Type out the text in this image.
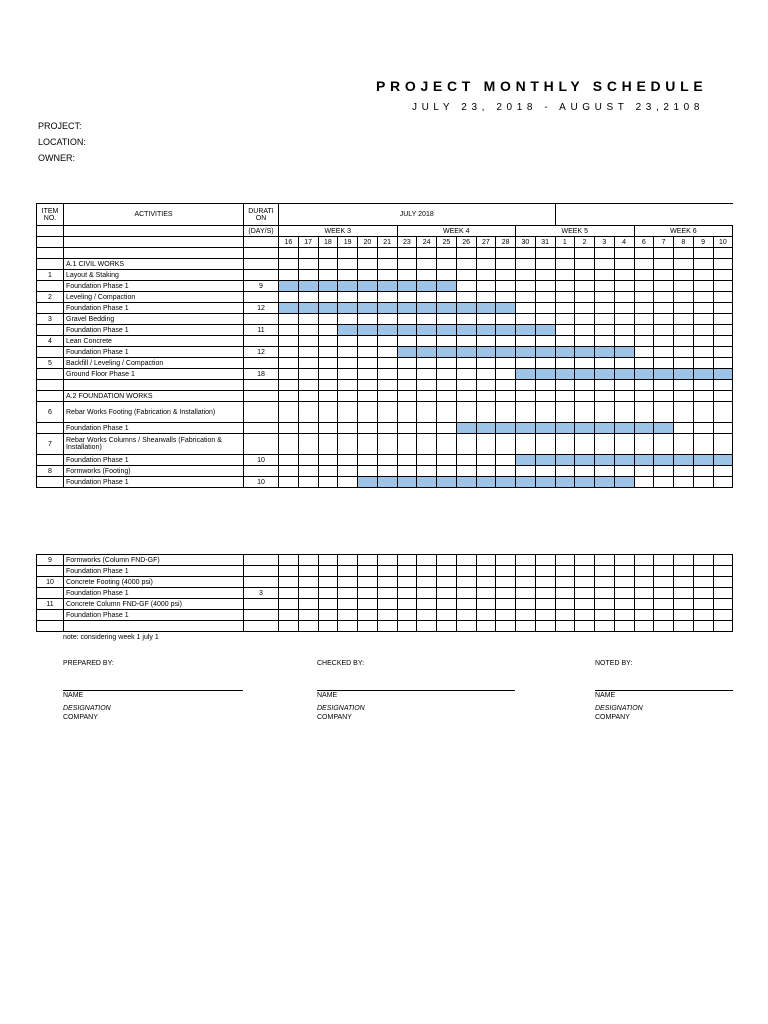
PROJECT MONTHLY SCHEDULE
JULY 23, 2018 - AUGUST 23,2108
PROJECT:
LOCATION:
OWNER:
ITEM NO.	ACTIVITIES	DURATI ON	JULY 2018																						
		(DAY/S)	WEEK 3						WEEK 4						WEEK 5						WEEK 6				
			16	17	18	19	20	21	23	24	25	26	27	28	30	31	1	2	3	4	6	7	8	9	10

	A.1 CIVIL WORKS																								
1	Layout & Staking																								
	Foundation Phase 1	9																							
2	Leveling / Compaction																								
	Foundation Phase 1	12																							
3	Gravel Bedding																								
	Foundation Phase 1	11																							
4	Lean Concrete																								
	Foundation Phase 1	12																							
5	Backfill / Leveling / Compaction																								
	Ground Floor Phase 1	18																							

	A.2 FOUNDATION WORKS																								
6	Rebar Works Footing (Fabrication & Installation)																								
	Foundation Phase 1																								
7	Rebar Works Columns / Shearwalls (Fabrication & Installation)																								
	Foundation Phase 1	10																							
8	Formworks (Footing)																								
	Foundation Phase 1	10																							
9	Formworks (Column FND-GF)																								
	Foundation Phase 1																								
10	Concrete Footing (4000 psi)																								
	Foundation Phase 1	3																							
11	Concrete Column FND-GF (4000 psi)																								
	Foundation Phase 1																								

note: considering week 1 july 1
PREPARED BY:
NAME
DESIGNATION
COMPANY
CHECKED BY:
NAME
DESIGNATION
COMPANY
NOTED BY:
NAME
DESIGNATION
COMPANY
